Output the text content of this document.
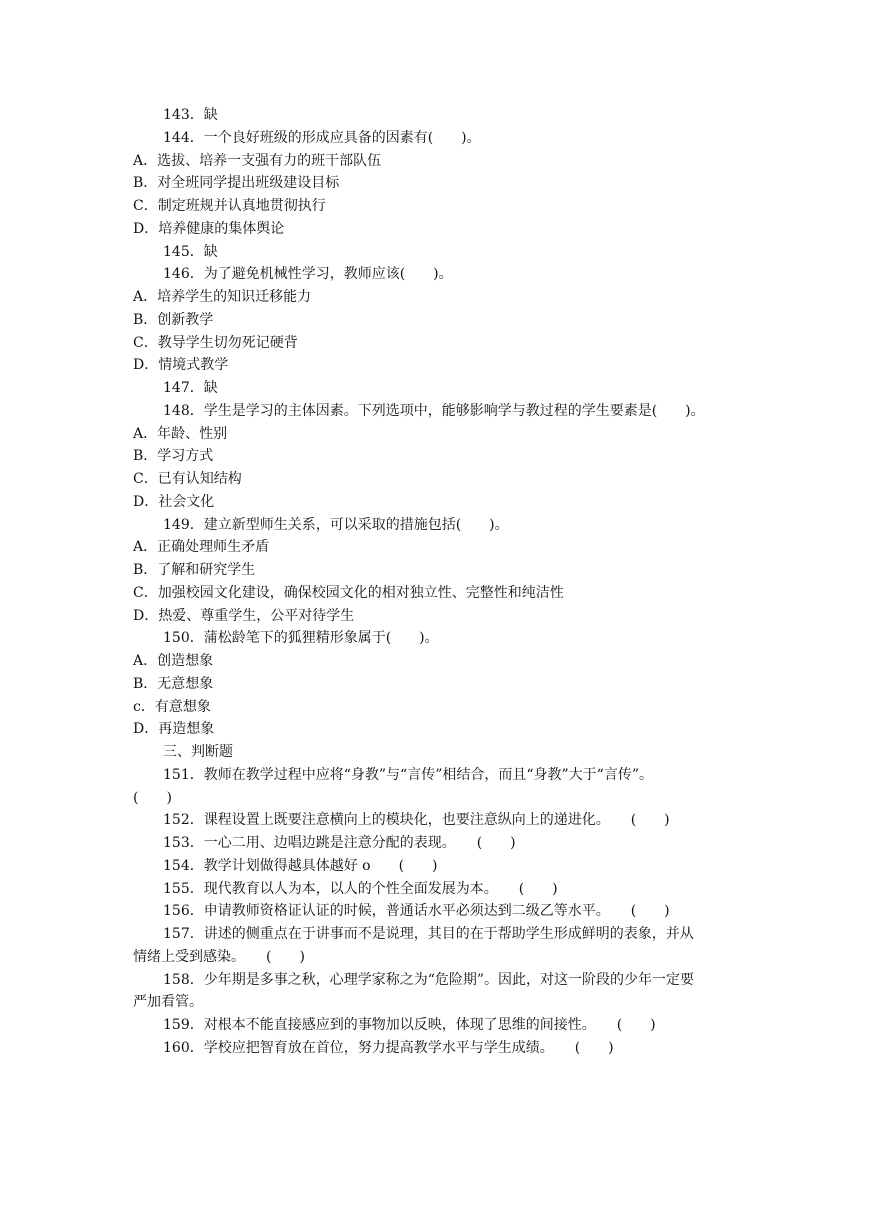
143．缺
144．一个良好班级的形成应具备的因素有(　　)。
A．选拔、培养一支强有力的班干部队伍
B．对全班同学提出班级建设目标
C．制定班规并认真地贯彻执行
D．培养健康的集体舆论
145．缺
146．为了避免机械性学习，教师应该(　　)。
A．培养学生的知识迁移能力
B．创新教学
C．教导学生切勿死记硬背
D．情境式教学
147．缺
148．学生是学习的主体因素。下列选项中，能够影响学与教过程的学生要素是(　　)。
A．年龄、性别
B．学习方式
C．已有认知结构
D．社会文化
149．建立新型师生关系，可以采取的措施包括(　　)。
A．正确处理师生矛盾
B．了解和研究学生
C．加强校园文化建设，确保校园文化的相对独立性、完整性和纯洁性
D．热爱、尊重学生，公平对待学生
150．蒲松龄笔下的狐狸精形象属于(　　)。
A．创造想象
B．无意想象
c．有意想象
D．再造想象
三、判断题
151．教师在教学过程中应将“身教”与“言传”相结合，而且“身教”大于“言传”。
(　　)
152．课程设置上既要注意横向上的模块化，也要注意纵向上的递进化。　　(　　)
153．一心二用、边唱边跳是注意分配的表现。　　(　　)
154．教学计划做得越具体越好 o　　(　　)
155．现代教育以人为本，以人的个性全面发展为本。　　(　　)
156．申请教师资格证认证的时候，普通话水平必须达到二级乙等水平。　　(　　)
157．讲述的侧重点在于讲事而不是说理，其目的在于帮助学生形成鲜明的表象，并从
情绪上受到感染。　　(　　)
158．少年期是多事之秋，心理学家称之为“危险期”。因此，对这一阶段的少年一定要
严加看管。
159．对根本不能直接感应到的事物加以反映，体现了思维的间接性。　　(　　)
160．学校应把智育放在首位，努力提高教学水平与学生成绩。　　(　　)
